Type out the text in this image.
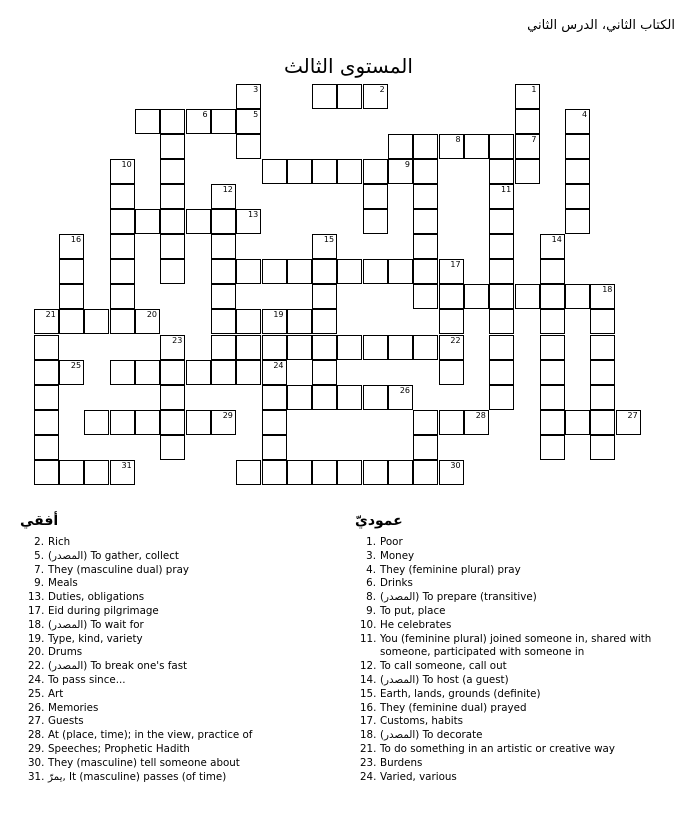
الكتاب الثاني، الدرس الثاني
المستوى الثالث
3	2	1
6	5	4
8	7
10	9
12	11
13
16	15	14
17
18
21	20	19
23	22
25	24
26
29	28	27
31	30
أفقي
2. Rich
5. (المصدر) To gather, collect
7. They (masculine dual) pray
9. Meals
13. Duties, obligations
17. Eid during pilgrimage
18. (المصدر) To wait for
19. Type, kind, variety
20. Drums
22. (المصدر) To break one's fast
24. To pass since...
25. Art
26. Memories
27. Guests
28. At (place, time); in the view, practice of
29. Speeches; Prophetic Hadith
30. They (masculine) tell someone about
31. يمرّ, It (masculine) passes (of time)
عموديّ
1. Poor
3. Money
4. They (feminine plural) pray
6. Drinks
8. (المصدر) To prepare (transitive)
9. To put, place
10. He celebrates
11. You (feminine plural) joined someone in, shared with someone, participated with someone in
12. To call someone, call out
14. (المصدر) To host (a guest)
15. Earth, lands, grounds (definite)
16. They (feminine dual) prayed
17. Customs, habits
18. (المصدر) To decorate
21. To do something in an artistic or creative way
23. Burdens
24. Varied, various
